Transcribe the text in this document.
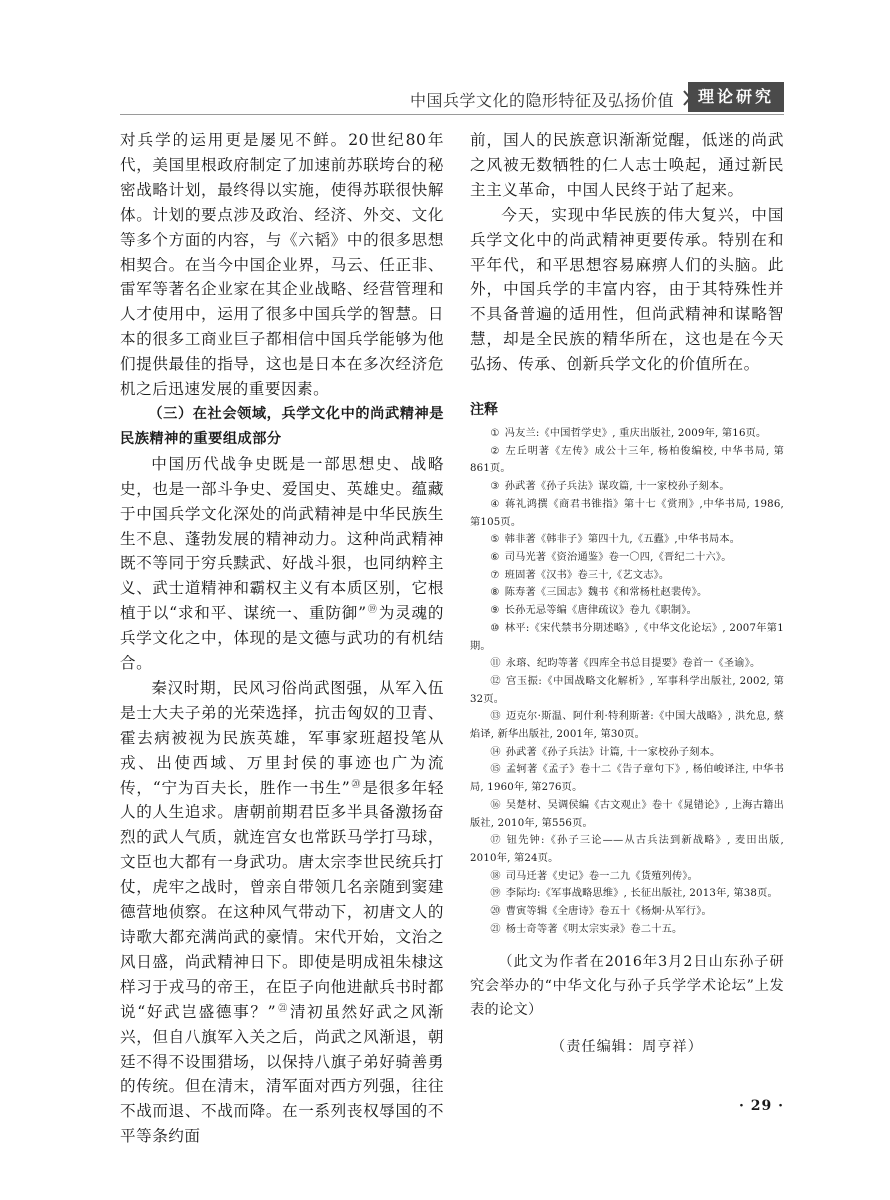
中国兵学文化的隐形特征及弘扬价值	理论研究

对兵学的运用更是屡见不鲜。20世纪80年代，美国里根政府制定了加速前苏联垮台的秘密战略计划，最终得以实施，使得苏联很快解体。计划的要点涉及政治、经济、外交、文化等多个方面的内容，与《六韬》中的很多思想相契合。在当今中国企业界，马云、任正非、雷军等著名企业家在其企业战略、经营管理和人才使用中，运用了很多中国兵学的智慧。日本的很多工商业巨子都相信中国兵学能够为他们提供最佳的指导，这也是日本在多次经济危机之后迅速发展的重要因素。

（三）在社会领域，兵学文化中的尚武精神是民族精神的重要组成部分

中国历代战争史既是一部思想史、战略史，也是一部斗争史、爱国史、英雄史。蕴藏于中国兵学文化深处的尚武精神是中华民族生生不息、蓬勃发展的精神动力。这种尚武精神既不等同于穷兵黩武、好战斗狠，也同纳粹主义、武士道精神和霸权主义有本质区别，它根植于以“求和平、谋统一、重防御”⑲为灵魂的兵学文化之中，体现的是文德与武功的有机结合。

秦汉时期，民风习俗尚武图强，从军入伍是士大夫子弟的光荣选择，抗击匈奴的卫青、霍去病被视为民族英雄，军事家班超投笔从戎、出使西域、万里封侯的事迹也广为流传，“宁为百夫长，胜作一书生”⑳是很多年轻人的人生追求。唐朝前期君臣多半具备激扬奋烈的武人气质，就连宫女也常跃马学打马球，文臣也大都有一身武功。唐太宗李世民统兵打仗，虎牢之战时，曾亲自带领几名亲随到窦建德营地侦察。在这种风气带动下，初唐文人的诗歌大都充满尚武的豪情。宋代开始，文治之风日盛，尚武精神日下。即使是明成祖朱棣这样习于戎马的帝王，在臣子向他进献兵书时都说“好武岂盛德事？”$^㉑$清初虽然好武之风渐兴，但自八旗军入关之后，尚武之风渐退，朝廷不得不设围猎场，以保持八旗子弟好骑善勇的传统。但在清末，清军面对西方列强，往往不战而退、不战而降。在一系列丧权辱国的不平等条约面

前，国人的民族意识渐渐觉醒，低迷的尚武之风被无数牺牲的仁人志士唤起，通过新民主主义革命，中国人民终于站了起来。

今天，实现中华民族的伟大复兴，中国兵学文化中的尚武精神更要传承。特别在和平年代，和平思想容易麻痹人们的头脑。此外，中国兵学的丰富内容，由于其特殊性并不具备普遍的适用性，但尚武精神和谋略智慧，却是全民族的精华所在，这也是在今天弘扬、传承、创新兵学文化的价值所在。

注释

① 冯友兰:《中国哲学史》, 重庆出版社, 2009年, 第16页。

② 左丘明著《左传》成公十三年, 杨柏俊编校, 中华书局, 第861页。

③ 孙武著《孙子兵法》谋攻篇, 十一家校孙子刻本。

④ 蒋礼鸿撰《商君书锥指》第十七《赏刑》,中华书局, 1986, 第105页。

⑤ 韩非著《韩非子》第四十九,《五蠹》,中华书局本。

⑥ 司马光著《资治通鉴》卷一〇四,《晋纪二十六》。

⑦ 班固著《汉书》卷三十,《艺文志》。

⑧ 陈寿著《三国志》魏书《和常杨杜赵裴传》。

⑨ 长孙无忌等编《唐律疏议》卷九《职制》。

⑩ 林平:《宋代禁书分期述略》,《中华文化论坛》, 2007年第1期。

⑪ 永瑢、纪昀等著《四库全书总目提要》卷首一《圣谕》。

⑫ 宫玉振:《中国战略文化解析》, 军事科学出版社, 2002, 第32页。

⑬ 迈克尔·斯温、阿什利·特利斯著:《中国大战略》, 洪允息, 蔡焰译, 新华出版社, 2001年, 第30页。

⑭ 孙武著《孙子兵法》计篇, 十一家校孙子刻本。

⑮ 孟轲著《孟子》卷十二《告子章句下》, 杨伯峻译注, 中华书局, 1960年, 第276页。

⑯ 吴楚材、吴调侯编《古文观止》卷十《晁错论》, 上海古籍出版社, 2010年, 第556页。

⑰ 钮先钟:《孙子三论——从古兵法到新战略》, 麦田出版, 2010年, 第24页。

⑱ 司马迁著《史记》卷一二九《货殖列传》。

⑲ 李际均:《军事战略思维》, 长征出版社, 2013年, 第38页。

⑳ 曹寅等辑《全唐诗》卷五十《杨炯·从军行》。

㉑ 杨士奇等著《明太宗实录》卷二十五。

（此文为作者在2016年3月2日山东孙子研究会举办的“中华文化与孙子兵学学术论坛”上发表的论文）

（责任编辑：周亨祥）

· 29 ·
